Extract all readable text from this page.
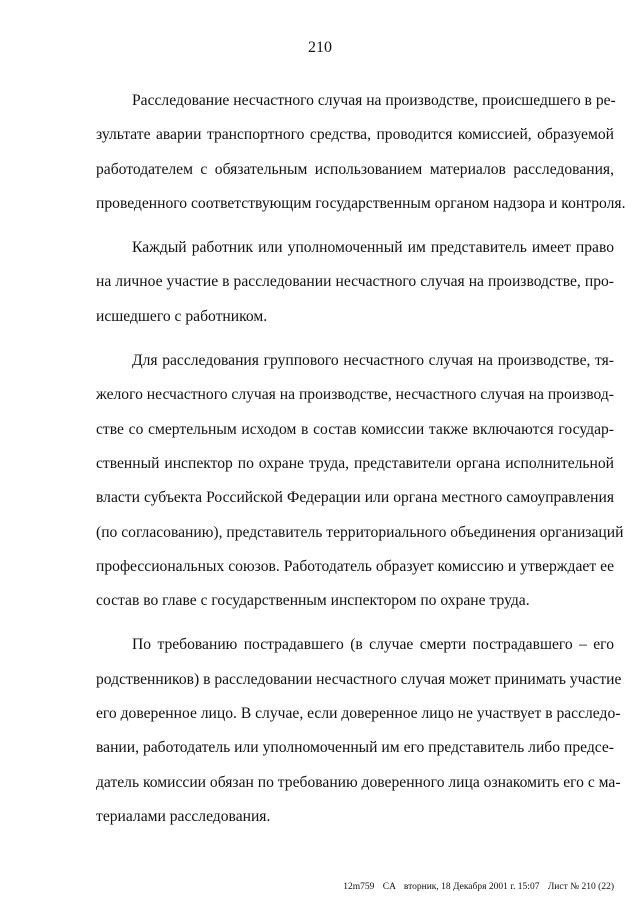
210

Расследование несчастного случая на производстве, происшедшего в ре-
зультате аварии транспортного средства, проводится комиссией, образуемой
работодателем с обязательным использованием материалов расследования,
проведенного соответствующим государственным органом надзора и контроля.

Каждый работник или уполномоченный им представитель имеет право
на личное участие в расследовании несчастного случая на производстве, про-
исшедшего с работником.

Для расследования группового несчастного случая на производстве, тя-
желого несчастного случая на производстве, несчастного случая на производ-
стве со смертельным исходом в состав комиссии также включаются государ-
ственный инспектор по охране труда, представители органа исполнительной
власти субъекта Российской Федерации или органа местного самоуправления
(по согласованию), представитель территориального объединения организаций
профессиональных союзов. Работодатель образует комиссию и утверждает ее
состав во главе с государственным инспектором по охране труда.

По требованию пострадавшего (в случае смерти пострадавшего – его
родственников) в расследовании несчастного случая может принимать участие
его доверенное лицо. В случае, если доверенное лицо не участвует в расследо-
вании, работодатель или уполномоченный им его представитель либо предсе-
датель комиссии обязан по требованию доверенного лица ознакомить его с ма-
териалами расследования.

12m759 CA вторник, 18 Декабря 2001 г. 15:07 Лист № 210 (22)
